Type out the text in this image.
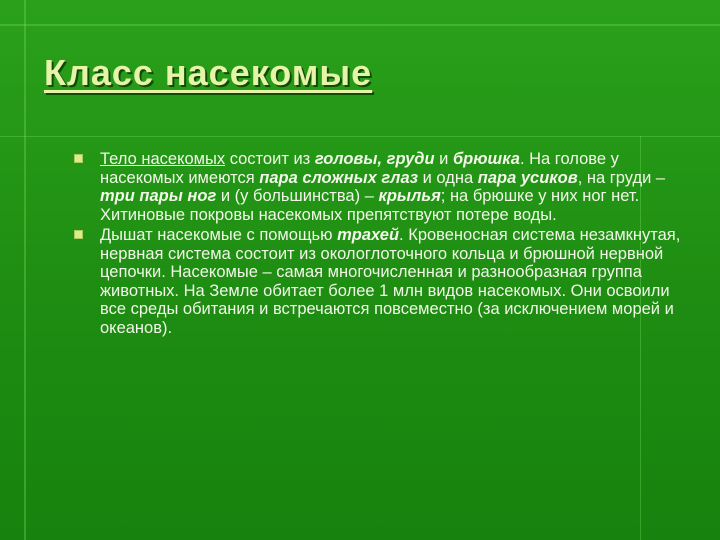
Класс насекомые

Тело насекомых состоит из головы, груди и брюшка. На голове у насекомых имеются пара сложных глаз и одна пара усиков, на груди – три пары ног и (у большинства) – крылья; на брюшке у них ног нет. Хитиновые покровы насекомых препятствуют потере воды.

Дышат насекомые с помощью трахей. Кровеносная система незамкнутая, нервная система состоит из окологлоточного кольца и брюшной нервной цепочки. Насекомые – самая многочисленная и разнообразная группа животных. На Земле обитает более 1 млн видов насекомых. Они освоили все среды обитания и встречаются повсеместно (за исключением морей и океанов).
